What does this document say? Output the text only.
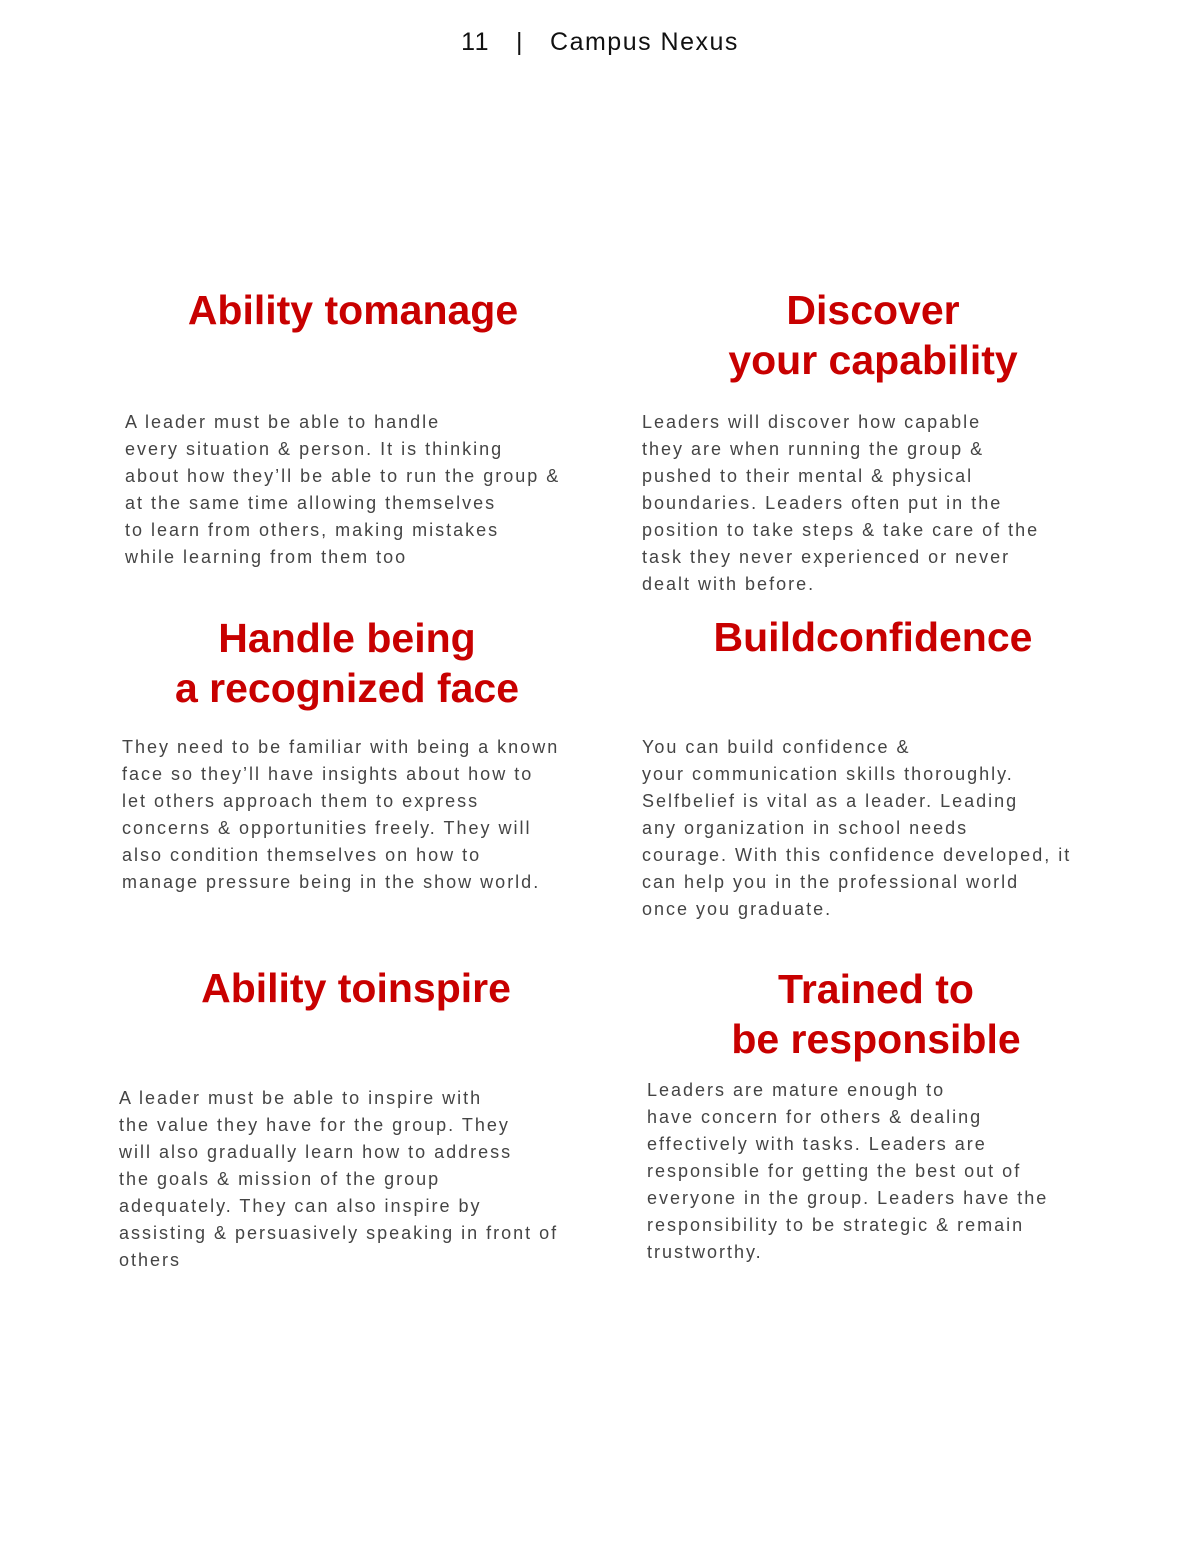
11 | Campus Nexus
Ability tomanage
A leader must be able to handle
every situation & person. It is thinking
about how they’ll be able to run the group &
at the same time allowing themselves
to learn from others, making mistakes
while learning from them too
Discover
your capability
Leaders will discover how capable
they are when running the group &
pushed to their mental & physical
boundaries. Leaders often put in the
position to take steps & take care of the
task they never experienced or never
dealt with before.
Handle being
a recognized face
They need to be familiar with being a known
face so they’ll have insights about how to
let others approach them to express
concerns & opportunities freely. They will
also condition themselves on how to
manage pressure being in the show world.
Buildconfidence
You can build confidence &
your communication skills thoroughly.
Selfbelief is vital as a leader. Leading
any organization in school needs
courage. With this confidence developed, it
can help you in the professional world
once you graduate.
Ability toinspire
A leader must be able to inspire with
the value they have for the group. They
will also gradually learn how to address
the goals & mission of the group
adequately. They can also inspire by
assisting & persuasively speaking in front of
others
Trained to
be responsible
Leaders are mature enough to
have concern for others & dealing
effectively with tasks. Leaders are
responsible for getting the best out of
everyone in the group. Leaders have the
responsibility to be strategic & remain
trustworthy.
